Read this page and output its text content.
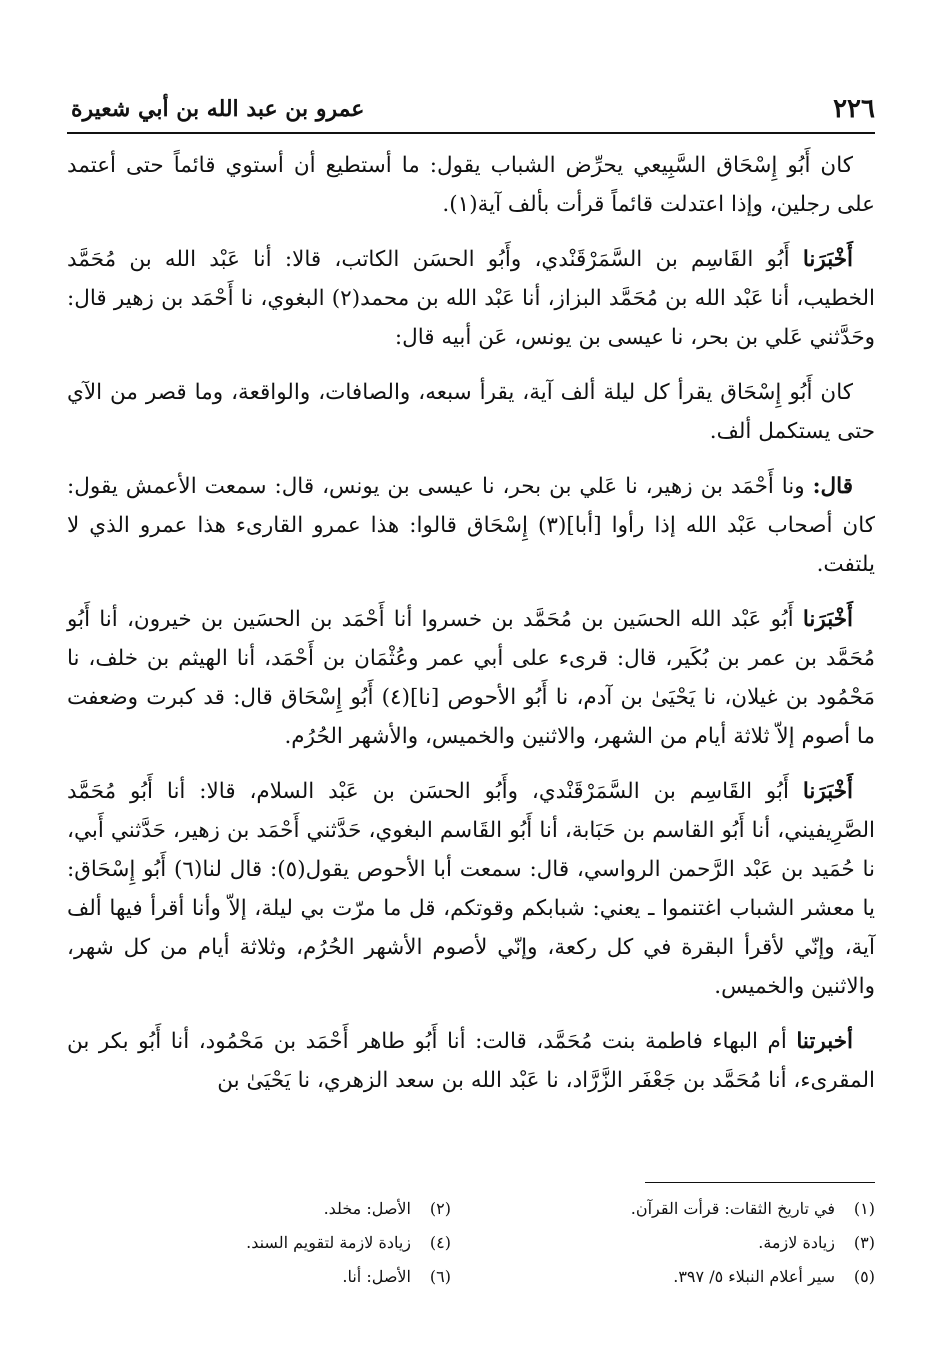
٢٢٦
عمرو بن عبد الله بن أبي شعيرة

كان أَبُو إِسْحَاق السَّبِيعي يحرِّض الشباب يقول: ما أستطيع أن أستوي قائماً حتى أعتمد على رجلين، وإذا اعتدلت قائماً قرأت بألف آية(١).

أَخْبَرَنا أَبُو القَاسِم بن السَّمَرْقَنْدي، وأَبُو الحسَن الكاتب، قالا: أنا عَبْد الله بن مُحَمَّد الخطيب، أنا عَبْد الله بن مُحَمَّد البزاز، أنا عَبْد الله بن محمد(٢) البغوي، نا أَحْمَد بن زهير قال: وحَدَّثني عَلي بن بحر، نا عيسى بن يونس، عَن أبيه قال:

كان أَبُو إِسْحَاق يقرأ كل ليلة ألف آية، يقرأ سبعه، والصافات، والواقعة، وما قصر من الآي حتى يستكمل ألف.

قال: ونا أَحْمَد بن زهير، نا عَلي بن بحر، نا عيسى بن يونس، قال: سمعت الأعمش يقول: كان أصحاب عَبْد الله إذا رأوا [أبا](٣) إِسْحَاق قالوا: هذا عمرو القارىء هذا عمرو الذي لا يلتفت.

أَخْبَرَنا أَبُو عَبْد الله الحسَين بن مُحَمَّد بن خسروا أنا أَحْمَد بن الحسَين بن خيرون، أنا أَبُو مُحَمَّد بن عمر بن بُكَير، قال: قرىء على أبي عمر وعُثْمَان بن أَحْمَد، أنا الهيثم بن خلف، نا مَحْمُود بن غيلان، نا يَحْيَىٰ بن آدم، نا أَبُو الأحوص [نا](٤) أَبُو إِسْحَاق قال: قد كبرت وضعفت ما أصوم إلاّ ثلاثة أيام من الشهر، والاثنين والخميس، والأشهر الحُرُم.

أَخْبَرَنا أَبُو القَاسِم بن السَّمَرْقَنْدي، وأَبُو الحسَن بن عَبْد السلام، قالا: أنا أَبُو مُحَمَّد الصَّرِيفيني، أنا أَبُو القاسم بن حَبَابة، أنا أَبُو القَاسم البغوي، حَدَّثني أَحْمَد بن زهير، حَدَّثني أَبي، نا حُمَيد بن عَبْد الرَّحمن الرواسي، قال: سمعت أبا الأحوص يقول(٥): قال لنا(٦) أَبُو إِسْحَاق: يا معشر الشباب اغتنموا ـ يعني: شبابكم وقوتكم، قل ما مرّت بي ليلة، إلاّ وأنا أقرأ فيها ألف آية، وإنّي لأقرأ البقرة في كل ركعة، وإنّي لأصوم الأشهر الحُرُم، وثلاثة أيام من كل شهر، والاثنين والخميس.

أخبرتنا أم البهاء فاطمة بنت مُحَمَّد، قالت: أنا أَبُو طاهر أَحْمَد بن مَحْمُود، أنا أَبُو بكر بن المقرىء، أنا مُحَمَّد بن جَعْفَر الزَّرَّاد، نا عَبْد الله بن سعد الزهري، نا يَحْيَىٰ بن

(١)في تاريخ الثقات: قرأت القرآن.
(٢)الأصل: مخلد.
(٣)زيادة لازمة.
(٤)زيادة لازمة لتقويم السند.
(٥)سير أعلام النبلاء ٥/ ٣٩٧.
(٦)الأصل: أنا.
